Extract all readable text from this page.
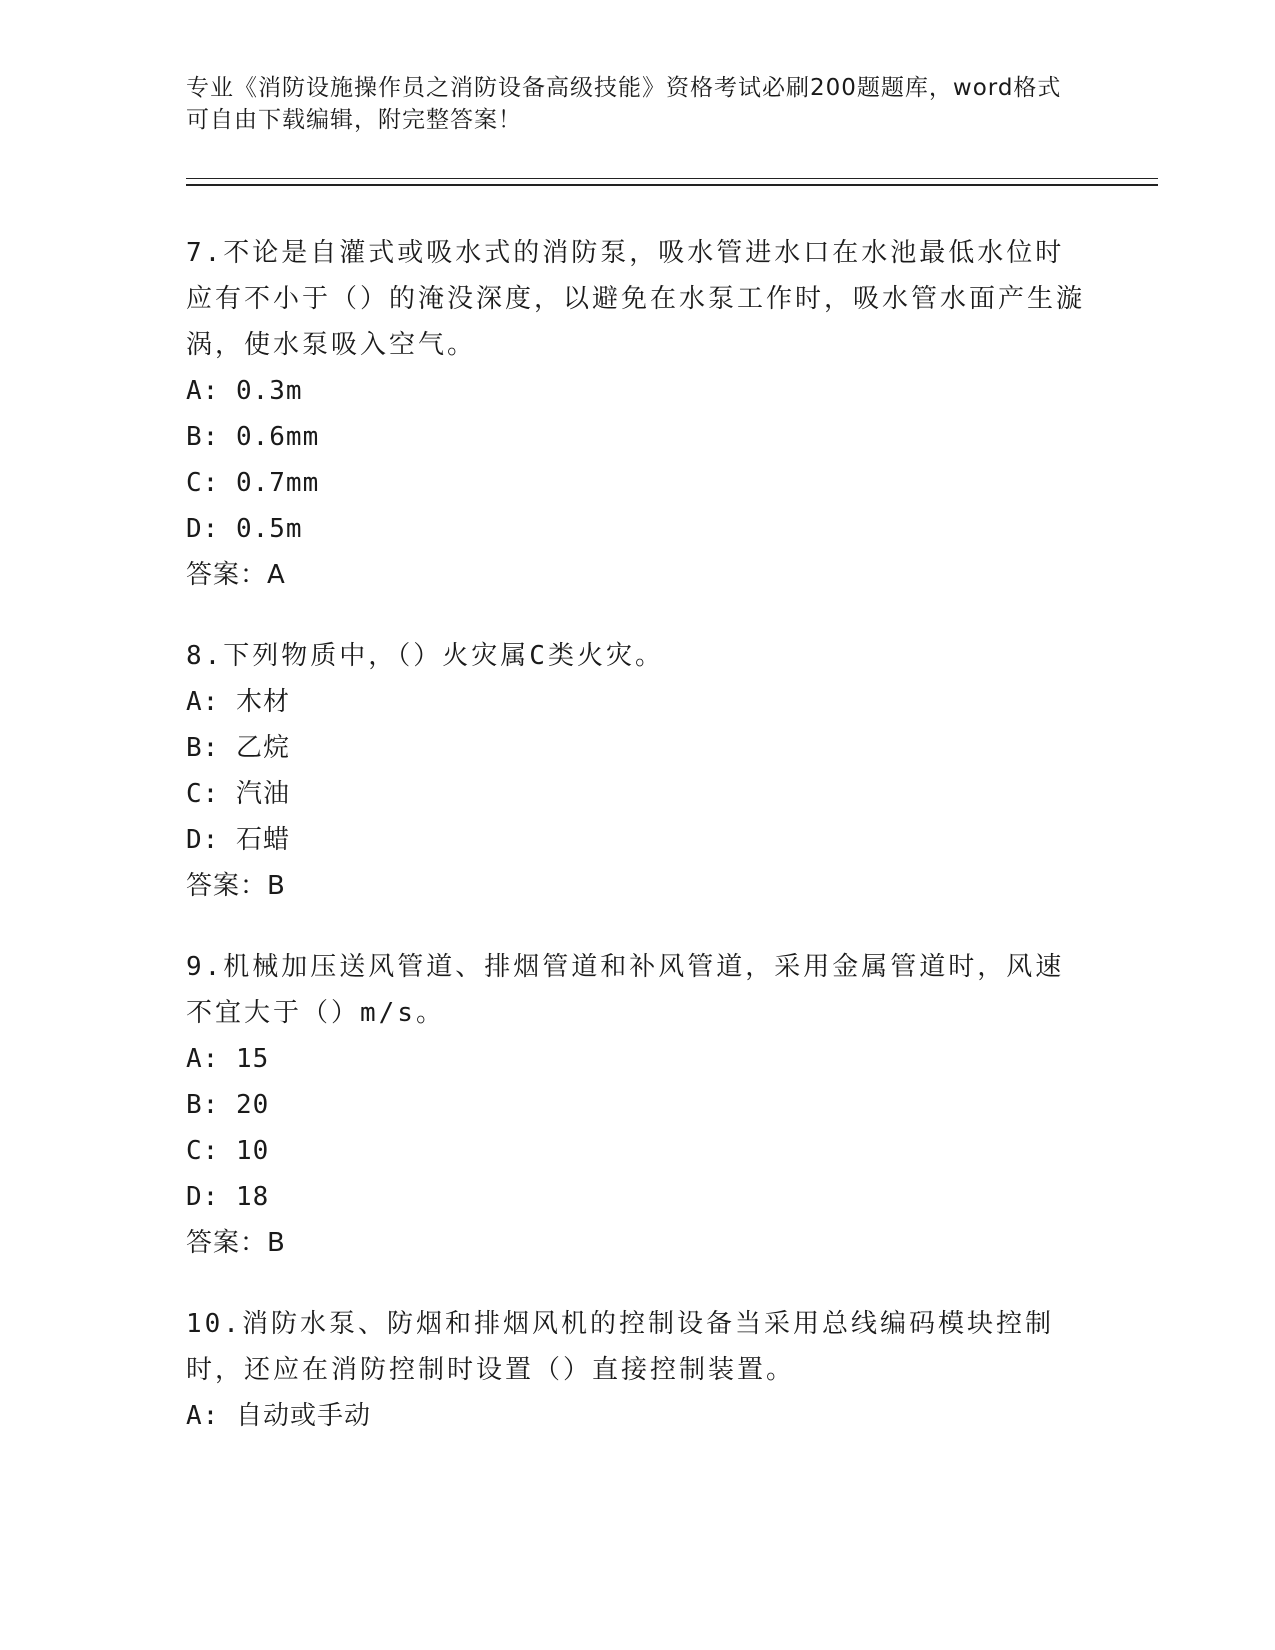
专业《消防设施操作员之消防设备高级技能》资格考试必刷200题题库，word格式可自由下载编辑，附完整答案！

7.不论是自灌式或吸水式的消防泵，吸水管进水口在水池最低水位时应有不小于（）的淹没深度，以避免在水泵工作时，吸水管水面产生漩涡，使水泵吸入空气。

A: 0.3m

B: 0.6mm

C: 0.7mm

D: 0.5m

答案：A

8.下列物质中，（）火灾属C类火灾。

A: 木材

B: 乙烷

C: 汽油

D: 石蜡

答案：B

9.机械加压送风管道、排烟管道和补风管道，采用金属管道时，风速不宜大于（）m/s。

A: 15

B: 20

C: 10

D: 18

答案：B

10.消防水泵、防烟和排烟风机的控制设备当采用总线编码模块控制时，还应在消防控制时设置（）直接控制装置。

A: 自动或手动
